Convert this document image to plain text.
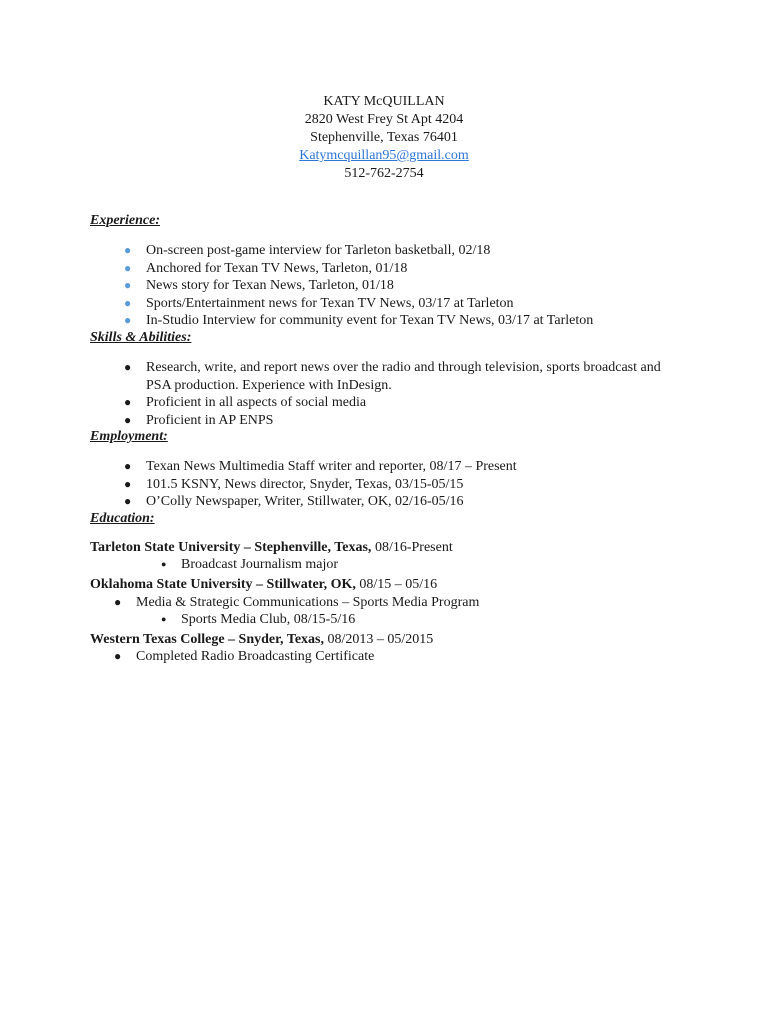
KATY McQUILLAN
2820 West Frey St Apt 4204
Stephenville, Texas 76401
Katymcquillan95@gmail.com
512-762-2754
Experience:
● On-screen post-game interview for Tarleton basketball, 02/18
● Anchored for Texan TV News, Tarleton, 01/18
● News story for Texan News, Tarleton, 01/18
● Sports/Entertainment news for Texan TV News, 03/17 at Tarleton
● In-Studio Interview for community event for Texan TV News, 03/17 at Tarleton
Skills & Abilities:
● Research, write, and report news over the radio and through television, sports broadcast and PSA production. Experience with InDesign.
● Proficient in all aspects of social media
● Proficient in AP ENPS
Employment:
● Texan News Multimedia Staff writer and reporter, 08/17 – Present
● 101.5 KSNY, News director, Snyder, Texas, 03/15-05/15
● O’Colly Newspaper, Writer, Stillwater, OK, 02/16-05/16
Education:
Tarleton State University – Stephenville, Texas, 08/16-Present
● Broadcast Journalism major
Oklahoma State University – Stillwater, OK, 08/15 – 05/16
● Media & Strategic Communications – Sports Media Program
● Sports Media Club, 08/15-5/16
Western Texas College – Snyder, Texas, 08/2013 – 05/2015
● Completed Radio Broadcasting Certificate
